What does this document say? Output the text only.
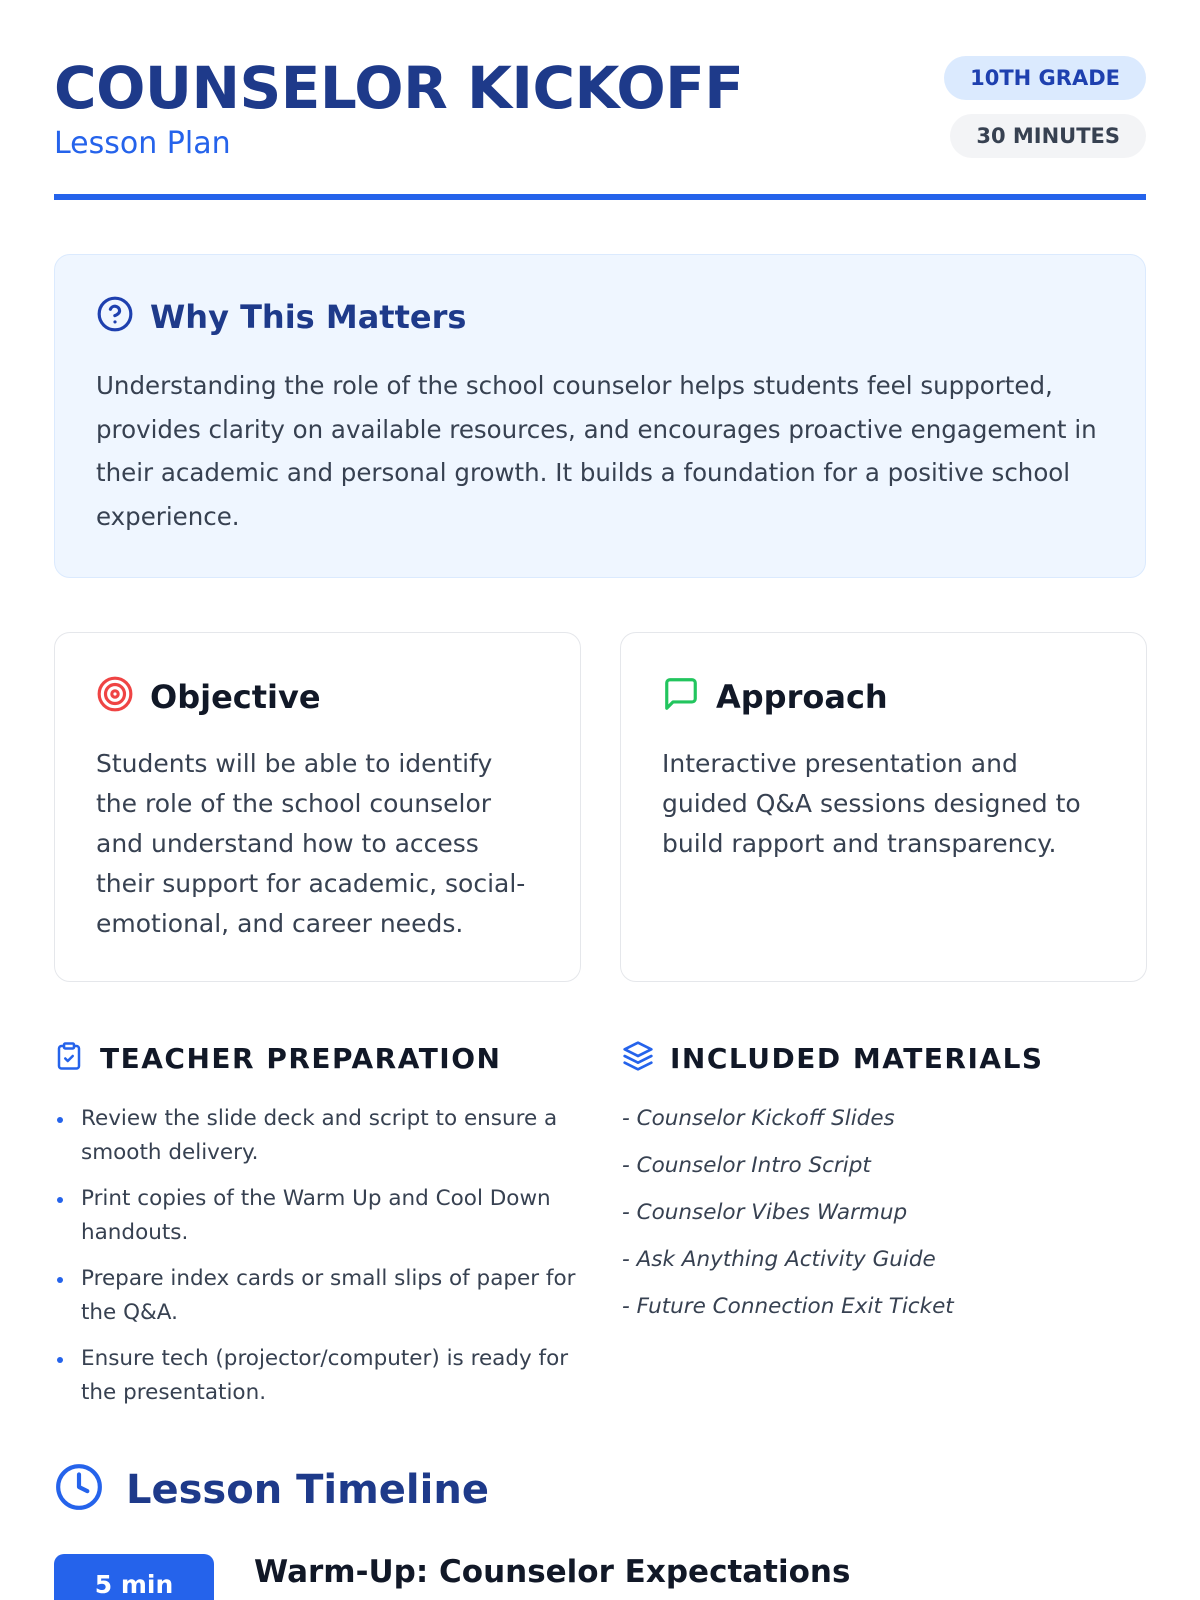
COUNSELOR KICKOFF
Lesson Plan
10TH GRADE
30 MINUTES
Why This Matters

Understanding the role of the school counselor helps students feel supported, provides clarity on available resources, and encourages proactive engagement in their academic and personal growth. It builds a foundation for a positive school experience.

Objective

Students will be able to identify the role of the school counselor and understand how to access their support for academic, social-emotional, and career needs.

Approach

Interactive presentation and guided Q&A sessions designed to build rapport and transparency.

TEACHER PREPARATION
Review the slide deck and script to ensure a smooth delivery.
Print copies of the Warm Up and Cool Down handouts.
Prepare index cards or small slips of paper for the Q&A.
Ensure tech (projector/computer) is ready for the presentation.
INCLUDED MATERIALS
- Counselor Kickoff Slides
- Counselor Intro Script
- Counselor Vibes Warmup
- Ask Anything Activity Guide
- Future Connection Exit Ticket
Lesson Timeline
5 min	Warm-Up: Counselor Expectations
